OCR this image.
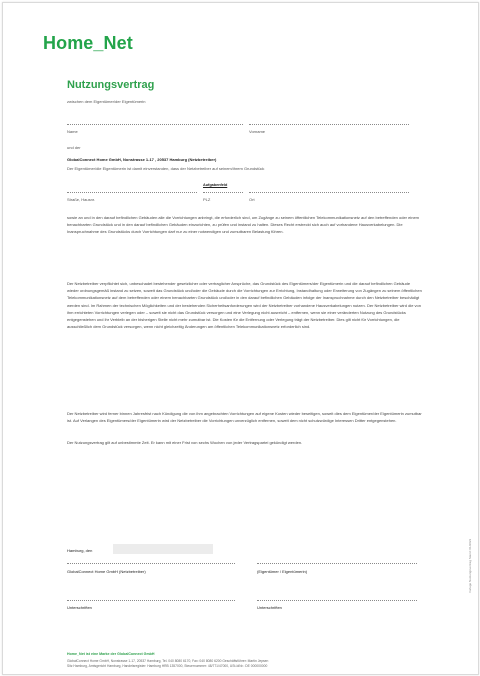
Home_Net
Nutzungsvertrag
zwischen dem Eigentümer/der Eigentümerin
Name	Vorname
und der
GlobalConnect Home GmbH, Nonstrasse 1-17 , 20537 Hamburg (Netzbetreiber)
Der Eigentümer/die Eigentümerin ist damit einverstanden, dass der Netzbetreiber auf seinem/ihrem Grundstück
Aufgabenfeld
Straße, Hausnr.	PLZ	Ort
sowie an und in den darauf befindlichen Gebäuden alle die Vorrichtungen anbringt, die erforderlich sind, um Zugänge zu seinem öffentlichen Telekommunikationsnetz auf den betreffenden oder einem benachbarten Grundstück und in den darauf befindlichen Gebäuden einzurichten, zu prüfen und instand zu halten. Dieses Recht erstreckt sich auch auf vorhandene Hausverkabelungen. Die Inanspruchnahme des Grundstücks durch Vorrichtungen darf nur zu einer notwendigen und zumutbaren Belastung führen.
Der Netzbetreiber verpflichtet sich, unbeschadet bestehender gesetzlicher oder vertraglicher Ansprüche, das Grundstück des Eigentümers/der Eigentümerin und die darauf befindlichen Gebäude wieder ordnungsgemäß instand zu setzen, soweit das Grundstück und/oder die Gebäude durch die Vorrichtungen zur Errichtung, Instandhaltung oder Erweiterung von Zugängen zu seinem öffentlichen Telekommunikationsnetz auf dem betreffenden oder einem benachbarten Grundstück und/oder in den darauf befindlichen Gebäuden infolge der Inanspruchnahme durch den Netzbetreiber beschädigt werden sind. Im Rahmen der technischen Möglichkeiten und der bestehenden Sicherheitsanforderungen wird der Netzbetreiber vorhandene Hausverkabelungen nutzen. Der Netzbetreiber wird die von ihm errichteten Vorrichtungen verlegen oder – soweit sie nicht das Grundstück versorgen und eine Verlegung nicht ausreicht – entfernen, wenn sie einer veränderten Nutzung des Grundstücks entgegenstehen und ihr Verbleib an der bisherigen Stelle nicht mehr zumutbar ist. Die Kosten für die Entfernung oder Verlegung trägt der Netzbetreiber. Dies gilt nicht für Vorrichtungen, die ausschließlich dem Grundstück versorgen, wenn nicht gleichzeitig Änderungen am öffentlichen Telekommunikationsnetz erforderlich sind.
Der Netzbetreiber wird ferner binnen Jahresfrist nach Kündigung die von ihm angebrachten Vorrichtungen auf eigene Kosten wieder beseitigen, soweit dies dem Eigentümer/der Eigentümerin zumutbar ist. Auf Verlangen des Eigentümers/der Eigentümerin wird der Netzbetreiber die Vorrichtungen unverzüglich entfernen, soweit dem nicht schutzwürdige Interessen Dritter entgegenstehen.
Der Nutzungsvertrag gilt auf unbestimmte Zeit. Er kann mit einer Frist von sechs Wochen von jeder Vertragspartei gekündigt werden.
Hamburg, den
GlobalConnect Home GmbH (Netzbetreiber)	(Eigentümer / Eigentümerin)
Unterschriften	Unterschriften
Home_Net ist eine Marke der GlobalConnect GmbH
GlobalConnect Home GmbH, Nonstrasse 1-17, 20537 Hamburg, Tel. 040 8080 6170, Fax: 040 8080 6200 Geschäftsführer: Martin Jepsen
Sitz Hamburg, Amtsgericht Hamburg, Handelsregister: Hamburg HRB 1357000, Steuernummer: 48/771/47000, USt-IdNr.: DE 000000000
Vorlage Nutzungsvertrag Stand: 01/2023
